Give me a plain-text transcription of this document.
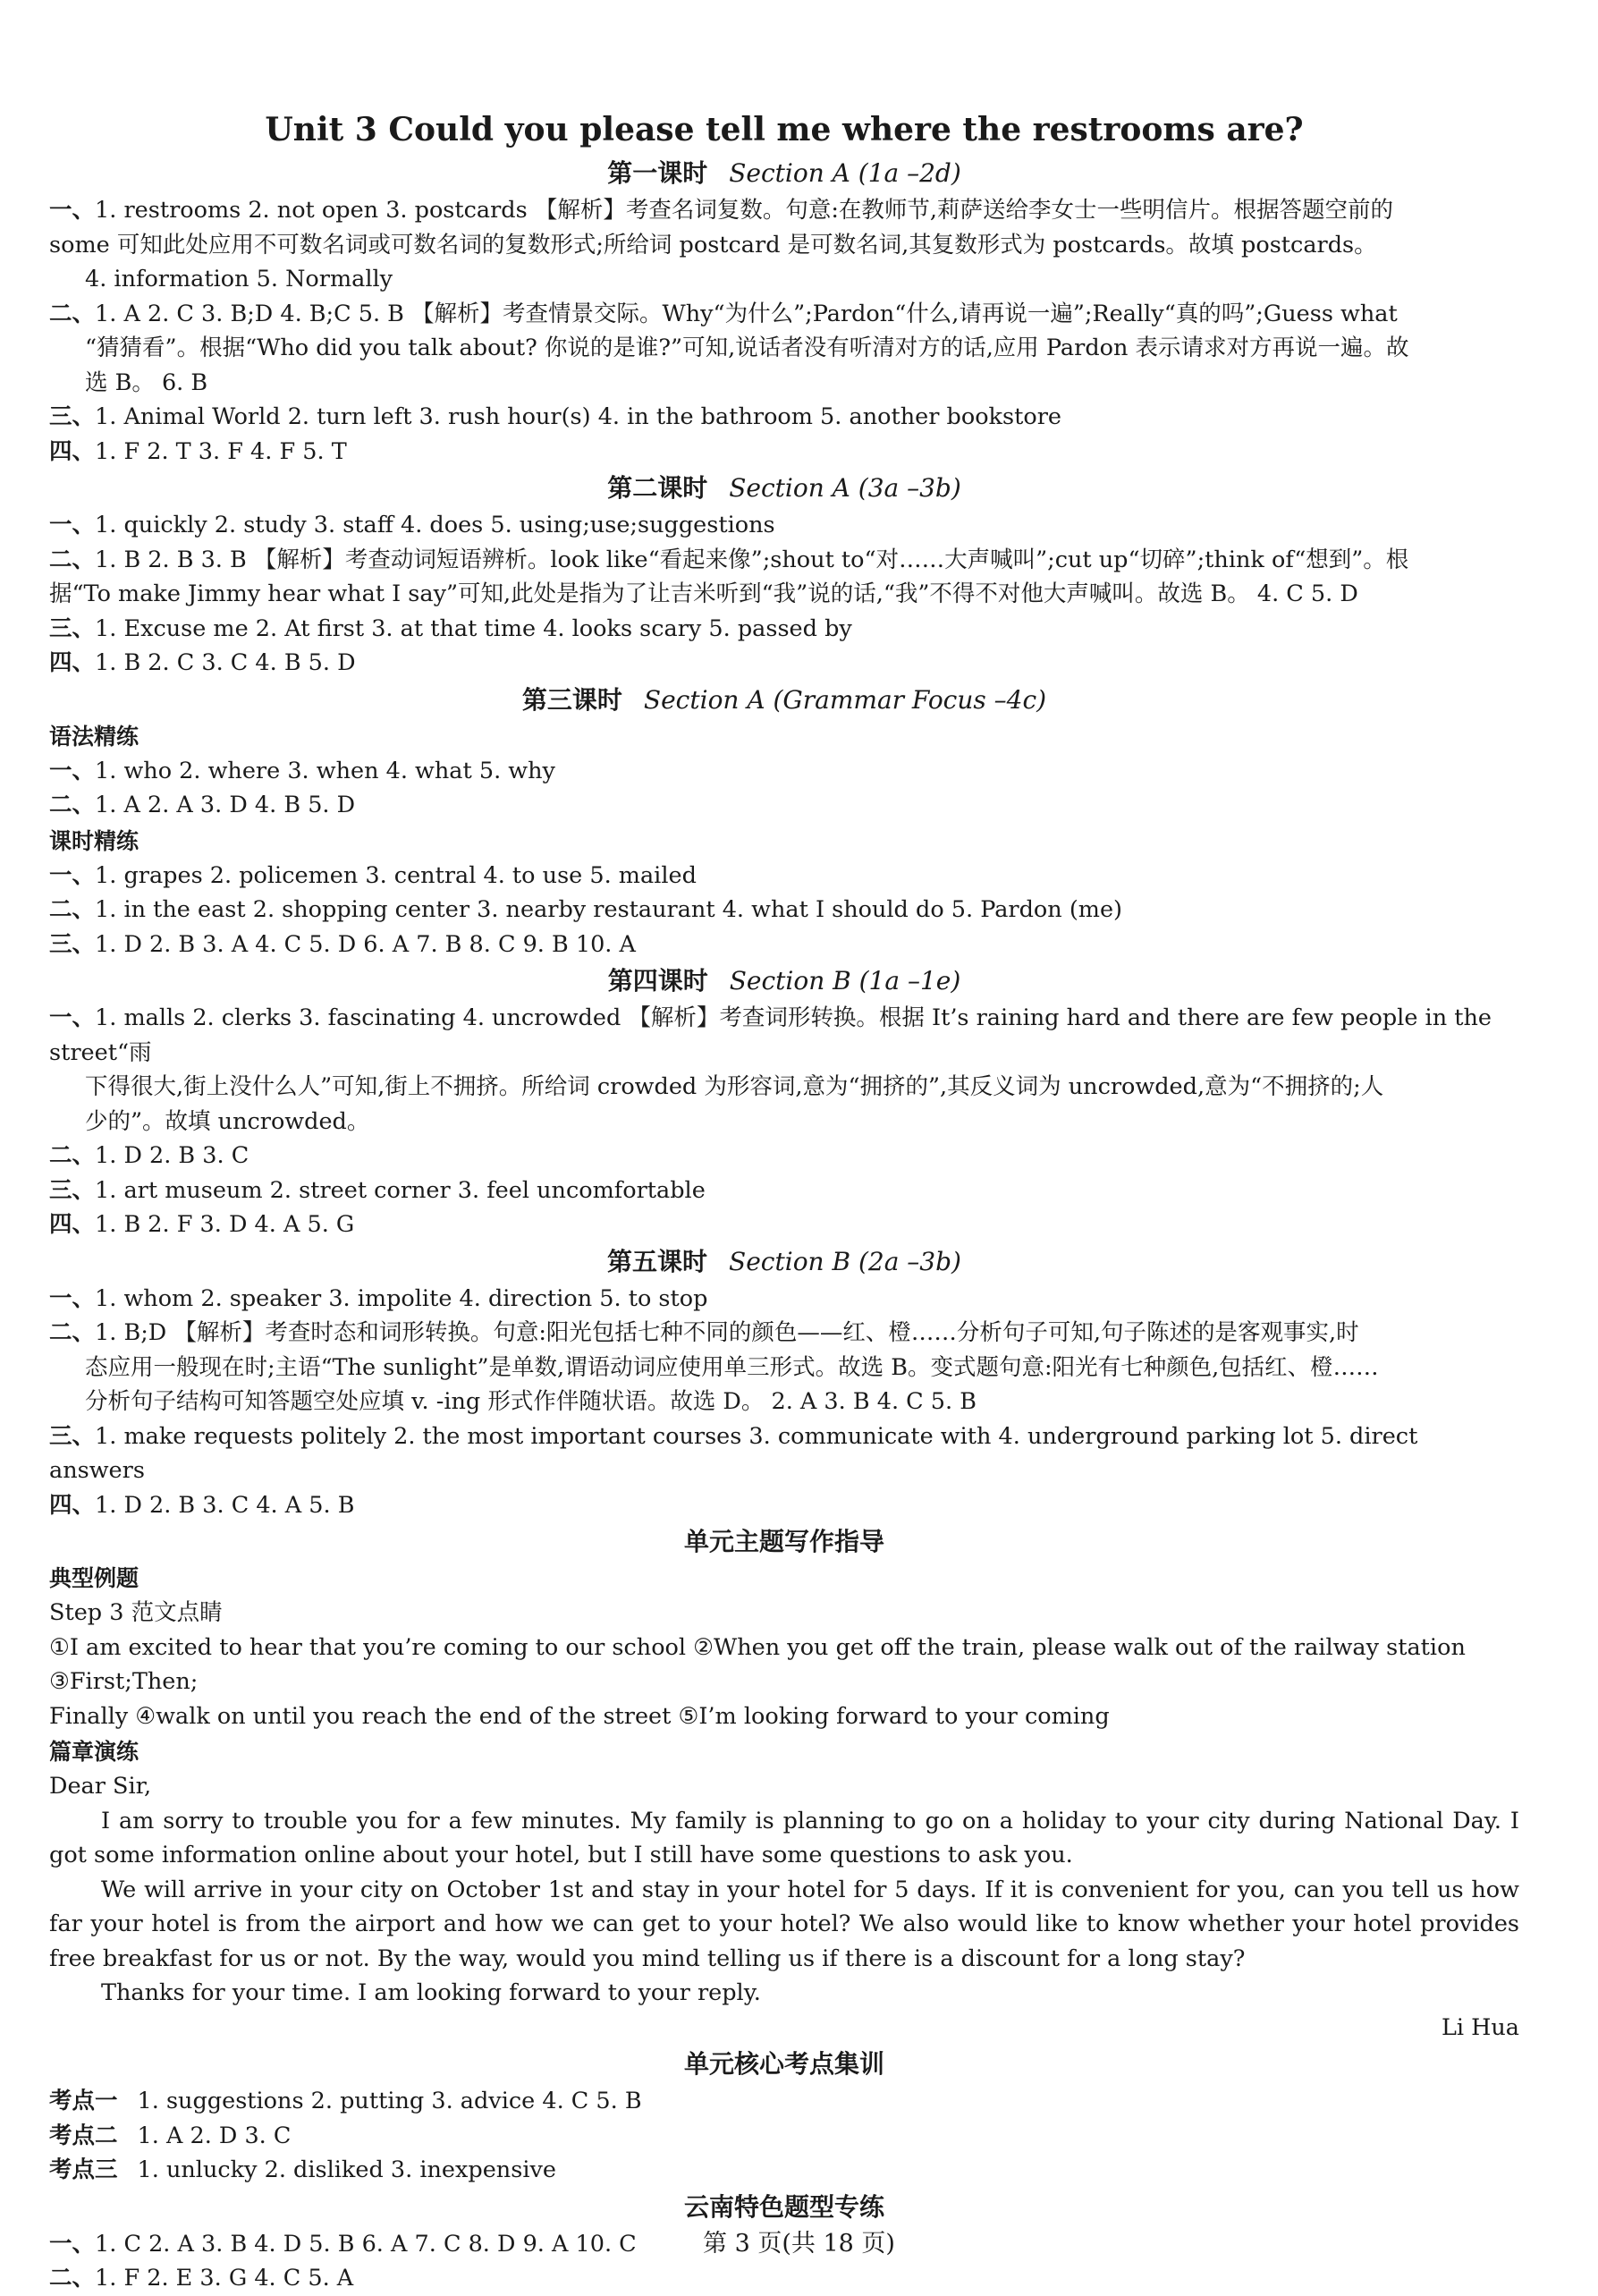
Unit 3 Could you please tell me where the restrooms are?
第一课时 Section A (1a –2d)

一、1. restrooms 2. not open 3. postcards 【解析】考查名词复数。句意:在教师节,莉萨送给李女士一些明信片。根据答题空前的

some 可知此处应用不可数名词或可数名词的复数形式;所给词 postcard 是可数名词,其复数形式为 postcards。故填 postcards。

4. information 5. Normally

二、1. A 2. C 3. B;D 4. B;C 5. B 【解析】考查情景交际。Why“为什么”;Pardon“什么,请再说一遍”;Really“真的吗”;Guess what

“猜猜看”。根据“Who did you talk about? 你说的是谁?”可知,说话者没有听清对方的话,应用 Pardon 表示请求对方再说一遍。故

选 B。 6. B

三、1. Animal World 2. turn left 3. rush hour(s) 4. in the bathroom 5. another bookstore

四、1. F 2. T 3. F 4. F 5. T

第二课时 Section A (3a –3b)

一、1. quickly 2. study 3. staff 4. does 5. using;use;suggestions

二、1. B 2. B 3. B 【解析】考查动词短语辨析。look like“看起来像”;shout to“对……大声喊叫”;cut up“切碎”;think of“想到”。根

据“To make Jimmy hear what I say”可知,此处是指为了让吉米听到“我”说的话,“我”不得不对他大声喊叫。故选 B。 4. C 5. D

三、1. Excuse me 2. At first 3. at that time 4. looks scary 5. passed by

四、1. B 2. C 3. C 4. B 5. D

第三课时 Section A (Grammar Focus –4c)
语法精练

一、1. who 2. where 3. when 4. what 5. why

二、1. A 2. A 3. D 4. B 5. D

课时精练

一、1. grapes 2. policemen 3. central 4. to use 5. mailed

二、1. in the east 2. shopping center 3. nearby restaurant 4. what I should do 5. Pardon (me)

三、1. D 2. B 3. A 4. C 5. D 6. A 7. B 8. C 9. B 10. A

第四课时 Section B (1a –1e)

一、1. malls 2. clerks 3. fascinating 4. uncrowded 【解析】考查词形转换。根据 It’s raining hard and there are few people in the street“雨

下得很大,街上没什么人”可知,街上不拥挤。所给词 crowded 为形容词,意为“拥挤的”,其反义词为 uncrowded,意为“不拥挤的;人

少的”。故填 uncrowded。

二、1. D 2. B 3. C

三、1. art museum 2. street corner 3. feel uncomfortable

四、1. B 2. F 3. D 4. A 5. G

第五课时 Section B (2a –3b)

一、1. whom 2. speaker 3. impolite 4. direction 5. to stop

二、1. B;D 【解析】考查时态和词形转换。句意:阳光包括七种不同的颜色——红、橙……分析句子可知,句子陈述的是客观事实,时

态应用一般现在时;主语“The sunlight”是单数,谓语动词应使用单三形式。故选 B。变式题句意:阳光有七种颜色,包括红、橙……

分析句子结构可知答题空处应填 v. -ing 形式作伴随状语。故选 D。 2. A 3. B 4. C 5. B

三、1. make requests politely 2. the most important courses 3. communicate with 4. underground parking lot 5. direct answers

四、1. D 2. B 3. C 4. A 5. B

单元主题写作指导
典型例题

Step 3 范文点睛

①I am excited to hear that you’re coming to our school ②When you get off the train, please walk out of the railway station ③First;Then;

Finally ④walk on until you reach the end of the street ⑤I’m looking forward to your coming

篇章演练

Dear Sir,

I am sorry to trouble you for a few minutes. My family is planning to go on a holiday to your city during National Day. I got some information online about your hotel, but I still have some questions to ask you.

We will arrive in your city on October 1st and stay in your hotel for 5 days. If it is convenient for you, can you tell us how far your hotel is from the airport and how we can get to your hotel? We also would like to know whether your hotel provides free breakfast for us or not. By the way, would you mind telling us if there is a discount for a long stay?

Thanks for your time. I am looking forward to your reply.

Li Hua

单元核心考点集训

考点一 1. suggestions 2. putting 3. advice 4. C 5. B

考点二 1. A 2. D 3. C

考点三 1. unlucky 2. disliked 3. inexpensive

云南特色题型专练

一、1. C 2. A 3. B 4. D 5. B 6. A 7. C 8. D 9. A 10. C

二、1. F 2. E 3. G 4. C 5. A

第 3 页(共 18 页)
